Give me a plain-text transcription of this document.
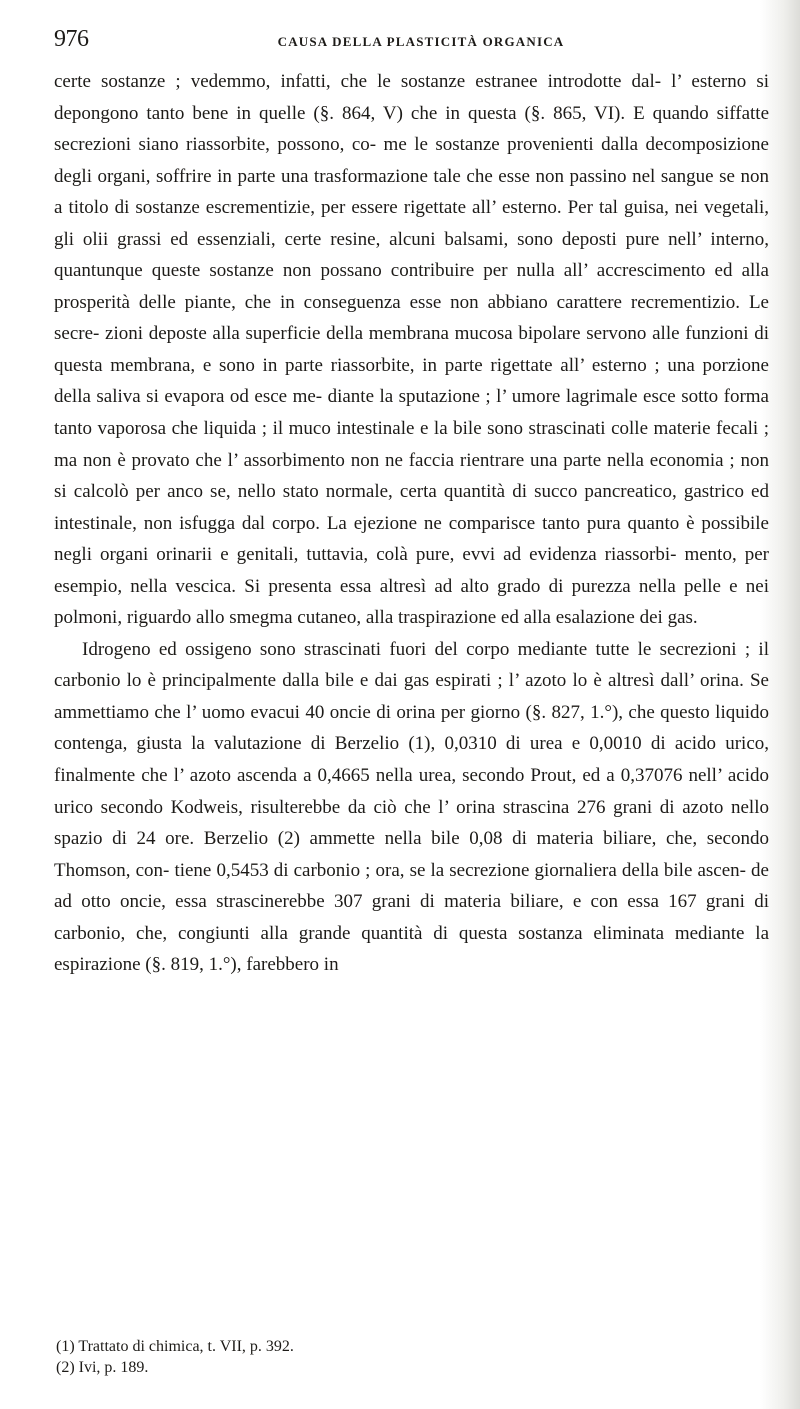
976	CAUSA DELLA PLASTICITÀ ORGANICA

certe sostanze ; vedemmo, infatti, che le sostanze estranee introdotte dal- l’ esterno si depongono tanto bene in quelle (§. 864, V) che in questa (§. 865, VI). E quando siffatte secrezioni siano riassorbite, possono, co- me le sostanze provenienti dalla decomposizione degli organi, soffrire in parte una trasformazione tale che esse non passino nel sangue se non a titolo di sostanze escrementizie, per essere rigettate all’ esterno. Per tal guisa, nei vegetali, gli olii grassi ed essenziali, certe resine, alcuni balsami, sono deposti pure nell’ interno, quantunque queste sostanze non possano contribuire per nulla all’ accrescimento ed alla prosperità delle piante, che in conseguenza esse non abbiano carattere recrementizio. Le secre- zioni deposte alla superficie della membrana mucosa bipolare servono alle funzioni di questa membrana, e sono in parte riassorbite, in parte rigettate all’ esterno ; una porzione della saliva si evapora od esce me- diante la sputazione ; l’ umore lagrimale esce sotto forma tanto vaporosa che liquida ; il muco intestinale e la bile sono strascinati colle materie fecali ; ma non è provato che l’ assorbimento non ne faccia rientrare una parte nella economia ; non si calcolò per anco se, nello stato normale, certa quantità di succo pancreatico, gastrico ed intestinale, non isfugga dal corpo. La ejezione ne comparisce tanto pura quanto è possibile negli organi orinarii e genitali, tuttavia, colà pure, evvi ad evidenza riassorbi- mento, per esempio, nella vescica. Si presenta essa altresì ad alto grado di purezza nella pelle e nei polmoni, riguardo allo smegma cutaneo, alla traspirazione ed alla esalazione dei gas.

Idrogeno ed ossigeno sono strascinati fuori del corpo mediante tutte le secrezioni ; il carbonio lo è principalmente dalla bile e dai gas espirati ; l’ azoto lo è altresì dall’ orina. Se ammettiamo che l’ uomo evacui 40 oncie di orina per giorno (§. 827, 1.°), che questo liquido contenga, giusta la valutazione di Berzelio (1), 0,0310 di urea e 0,0010 di acido urico, finalmente che l’ azoto ascenda a 0,4665 nella urea, secondo Prout, ed a 0,37076 nell’ acido urico secondo Kodweis, risulterebbe da ciò che l’ orina strascina 276 grani di azoto nello spazio di 24 ore. Berzelio (2) ammette nella bile 0,08 di materia biliare, che, secondo Thomson, con- tiene 0,5453 di carbonio ; ora, se la secrezione giornaliera della bile ascen- de ad otto oncie, essa strascinerebbe 307 grani di materia biliare, e con essa 167 grani di carbonio, che, congiunti alla grande quantità di questa sostanza eliminata mediante la espirazione (§. 819, 1.°), farebbero in

(1) Trattato di chimica, t. VII, p. 392.

(2) Ivi, p. 189.
